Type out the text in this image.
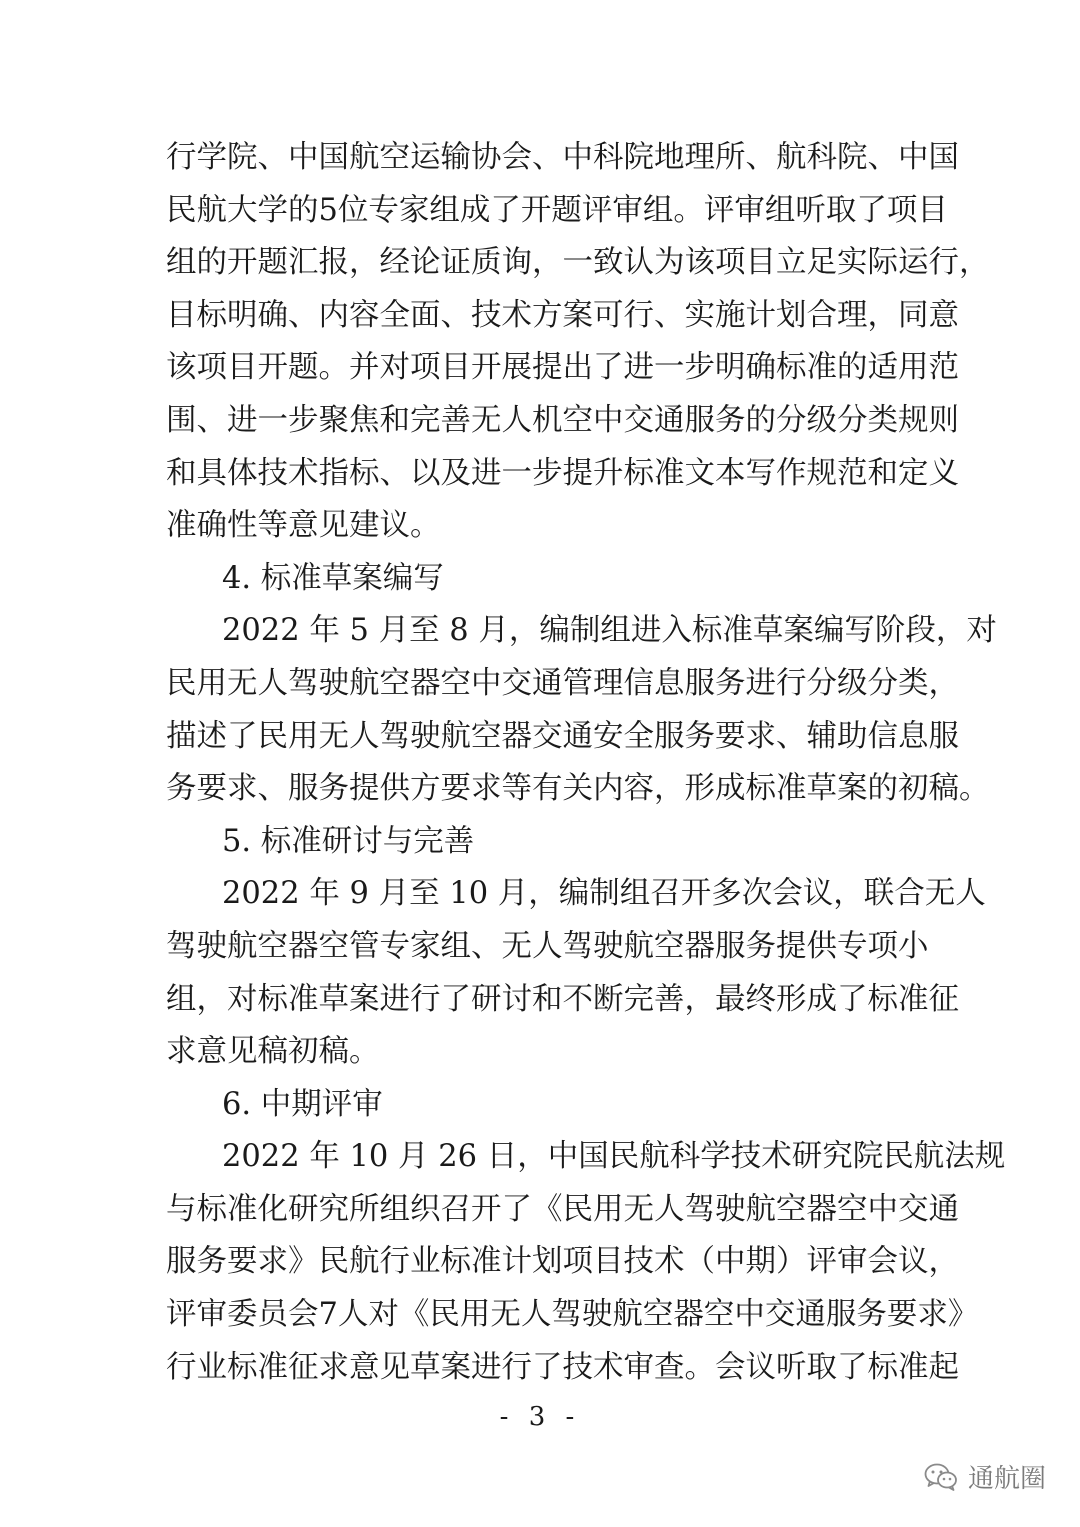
行学院、中国航空运输协会、中科院地理所、航科院、中国
民航大学的5位专家组成了开题评审组。评审组听取了项目
组的开题汇报，经论证质询，一致认为该项目立足实际运行，
目标明确、内容全面、技术方案可行、实施计划合理，同意
该项目开题。并对项目开展提出了进一步明确标准的适用范
围、进一步聚焦和完善无人机空中交通服务的分级分类规则
和具体技术指标、以及进一步提升标准文本写作规范和定义
准确性等意见建议。
4. 标准草案编写
2022 年 5 月至 8 月，编制组进入标准草案编写阶段，对
民用无人驾驶航空器空中交通管理信息服务进行分级分类，
描述了民用无人驾驶航空器交通安全服务要求、辅助信息服
务要求、服务提供方要求等有关内容，形成标准草案的初稿。
5. 标准研讨与完善
2022 年 9 月至 10 月，编制组召开多次会议，联合无人
驾驶航空器空管专家组、无人驾驶航空器服务提供专项小
组，对标准草案进行了研讨和不断完善，最终形成了标准征
求意见稿初稿。
6. 中期评审
2022 年 10 月 26 日，中国民航科学技术研究院民航法规
与标准化研究所组织召开了《民用无人驾驶航空器空中交通
服务要求》民航行业标准计划项目技术（中期）评审会议，
评审委员会7人对《民用无人驾驶航空器空中交通服务要求》
行业标准征求意见草案进行了技术审查。会议听取了标准起
- 3 -
通航圈
